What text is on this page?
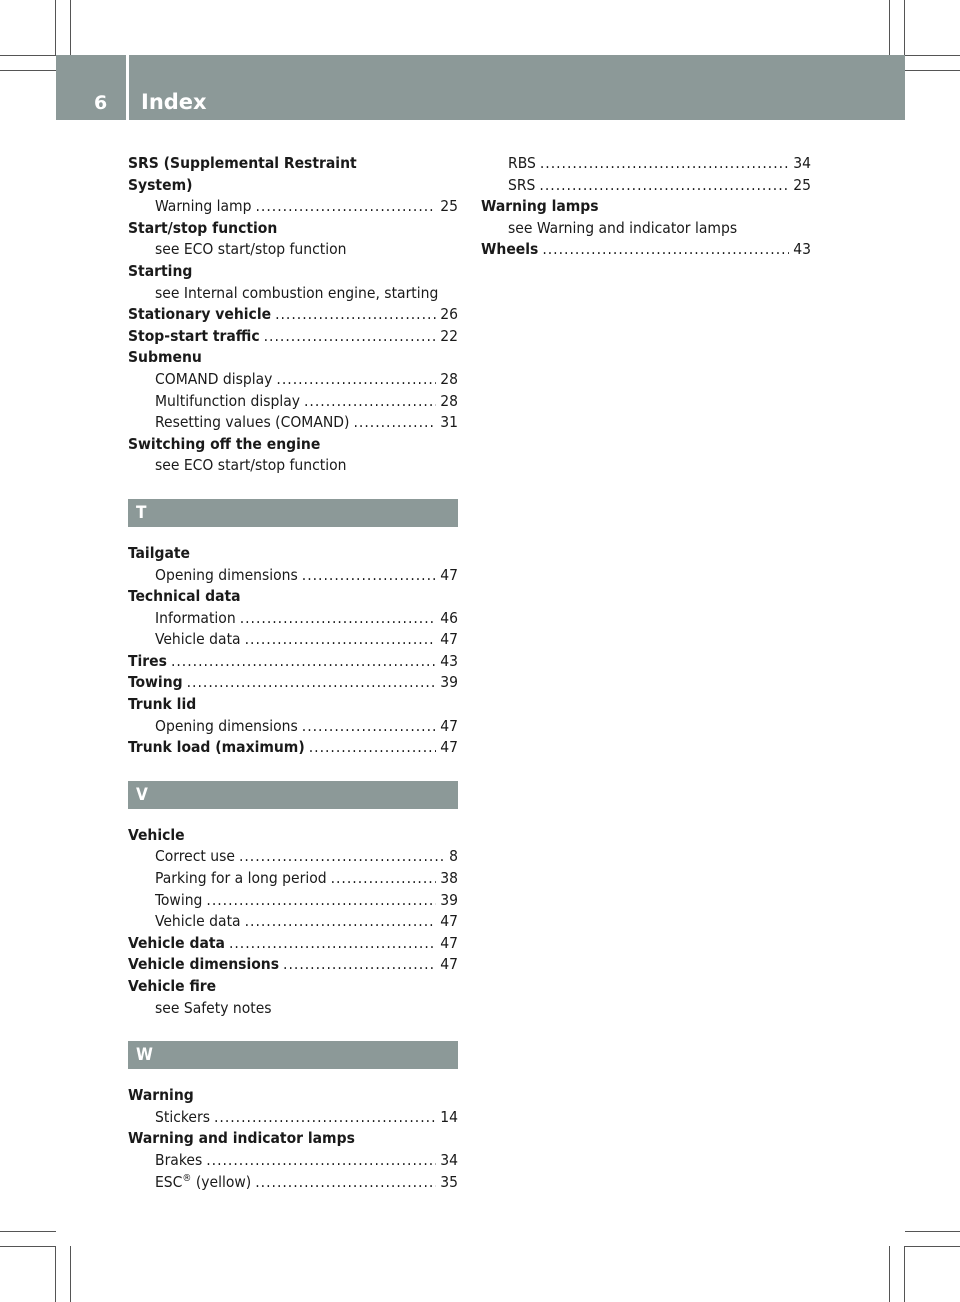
6 Index
SRS (Supplemental Restraint
System)
Warning lamp .....	25
Start/stop function
see ECO start/stop function
Starting
see Internal combustion engine, starting
Stationary vehicle .....	26
Stop-start traffic .....	22
Submenu
COMAND display .....	28
Multifunction display .....	28
Resetting values (COMAND) .....	31
Switching off the engine
see ECO start/stop function
T
Tailgate
Opening dimensions .....	47
Technical data
Information .....	46
Vehicle data .....	47
Tires .....	43
Towing .....	39
Trunk lid
Opening dimensions .....	47
Trunk load (maximum) .....	47
V
Vehicle
Correct use .....	8
Parking for a long period .....	38
Towing .....	39
Vehicle data .....	47
Vehicle data .....	47
Vehicle dimensions .....	47
Vehicle fire
see Safety notes
W
Warning
Stickers .....	14
Warning and indicator lamps
Brakes .....	34
ESC® (yellow) .....	35
RBS .....	34
SRS .....	25
Warning lamps
see Warning and indicator lamps
Wheels .....	43
